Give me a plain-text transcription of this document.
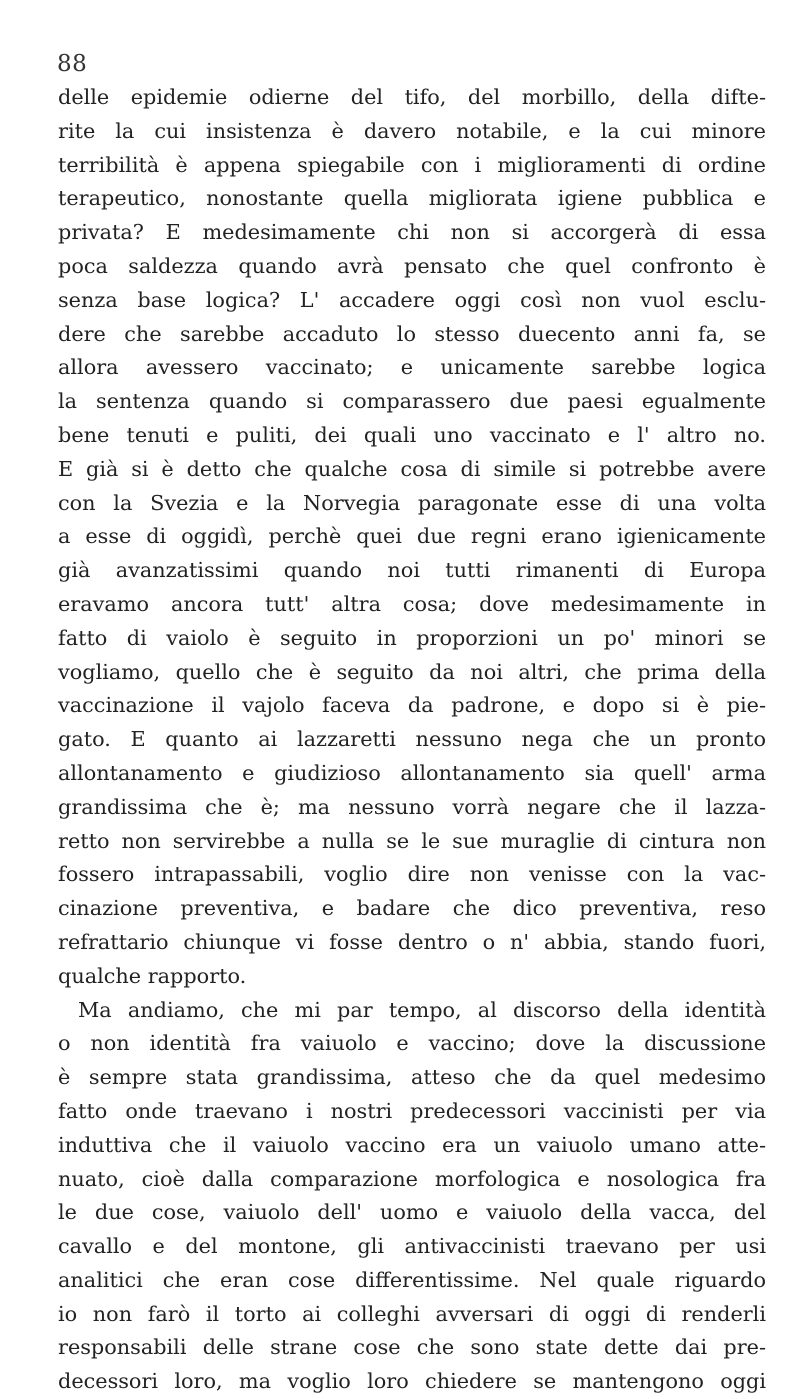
88
delle epidemie odierne del tifo, del morbillo, della difte-
rite la cui insistenza è davero notabile, e la cui minore
terribilità è appena spiegabile con i miglioramenti di ordine
terapeutico, nonostante quella migliorata igiene pubblica e
privata? E medesimamente chi non si accorgerà di essa
poca saldezza quando avrà pensato che quel confronto è
senza base logica? L' accadere oggi così non vuol esclu-
dere che sarebbe accaduto lo stesso duecento anni fa, se
allora avessero vaccinato; e unicamente sarebbe logica
la sentenza quando si comparassero due paesi egualmente
bene tenuti e puliti, dei quali uno vaccinato e l' altro no.
E già si è detto che qualche cosa di simile si potrebbe avere
con la Svezia e la Norvegia paragonate esse di una volta
a esse di oggidì, perchè quei due regni erano igienicamente
già avanzatissimi quando noi tutti rimanenti di Europa
eravamo ancora tutt' altra cosa; dove medesimamente in
fatto di vaiolo è seguito in proporzioni un po' minori se
vogliamo, quello che è seguito da noi altri, che prima della
vaccinazione il vajolo faceva da padrone, e dopo si è pie-
gato. E quanto ai lazzaretti nessuno nega che un pronto
allontanamento e giudizioso allontanamento sia quell' arma
grandissima che è; ma nessuno vorrà negare che il lazza-
retto non servirebbe a nulla se le sue muraglie di cintura non
fossero intrapassabili, voglio dire non venisse con la vac-
cinazione preventiva, e badare che dico preventiva, reso
refrattario chiunque vi fosse dentro o n' abbia, stando fuori,
qualche rapporto.
Ma andiamo, che mi par tempo, al discorso della identità
o non identità fra vaiuolo e vaccino; dove la discussione
è sempre stata grandissima, atteso che da quel medesimo
fatto onde traevano i nostri predecessori vaccinisti per via
induttiva che il vaiuolo vaccino era un vaiuolo umano atte-
nuato, cioè dalla comparazione morfologica e nosologica fra
le due cose, vaiuolo dell' uomo e vaiuolo della vacca, del
cavallo e del montone, gli antivaccinisti traevano per usi
analitici che eran cose differentissime. Nel quale riguardo
io non farò il torto ai colleghi avversari di oggi di renderli
responsabili delle strane cose che sono state dette dai pre-
decessori loro, ma voglio loro chiedere se mantengono oggi
